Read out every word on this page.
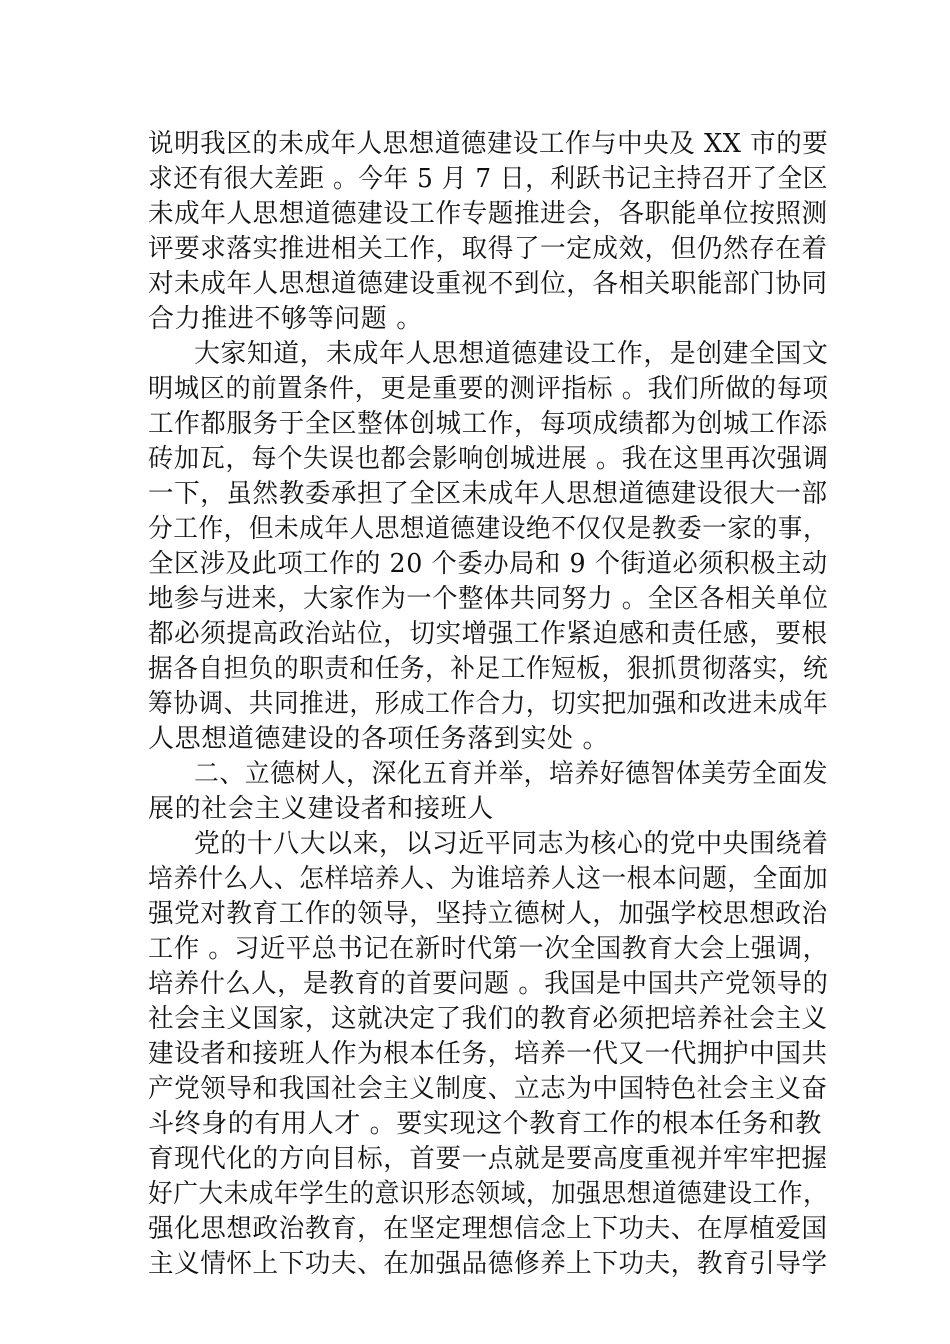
说明我区的未成年人思想道德建设工作与中央及 XX 市的要
求还有很大差距 。今年 5 月 7 日，利跃书记主持召开了全区
未成年人思想道德建设工作专题推进会，各职能单位按照测
评要求落实推进相关工作，取得了一定成效，但仍然存在着
对未成年人思想道德建设重视不到位，各相关职能部门协同
合力推进不够等问题 。
大家知道，未成年人思想道德建设工作，是创建全国文
明城区的前置条件，更是重要的测评指标 。我们所做的每项
工作都服务于全区整体创城工作，每项成绩都为创城工作添
砖加瓦，每个失误也都会影响创城进展 。我在这里再次强调
一下，虽然教委承担了全区未成年人思想道德建设很大一部
分工作，但未成年人思想道德建设绝不仅仅是教委一家的事，
全区涉及此项工作的 20 个委办局和 9 个街道必须积极主动
地参与进来，大家作为一个整体共同努力 。全区各相关单位
都必须提高政治站位，切实增强工作紧迫感和责任感，要根
据各自担负的职责和任务，补足工作短板，狠抓贯彻落实，统
筹协调、共同推进，形成工作合力，切实把加强和改进未成年
人思想道德建设的各项任务落到实处 。
二、立德树人，深化五育并举，培养好德智体美劳全面发
展的社会主义建设者和接班人
党的十八大以来，以习近平同志为核心的党中央围绕着
培养什么人、怎样培养人、为谁培养人这一根本问题，全面加
强党对教育工作的领导，坚持立德树人，加强学校思想政治
工作 。习近平总书记在新时代第一次全国教育大会上强调，
培养什么人，是教育的首要问题 。我国是中国共产党领导的
社会主义国家，这就决定了我们的教育必须把培养社会主义
建设者和接班人作为根本任务，培养一代又一代拥护中国共
产党领导和我国社会主义制度、立志为中国特色社会主义奋
斗终身的有用人才 。要实现这个教育工作的根本任务和教
育现代化的方向目标，首要一点就是要高度重视并牢牢把握
好广大未成年学生的意识形态领域，加强思想道德建设工作，
强化思想政治教育，在坚定理想信念上下功夫、在厚植爱国
主义情怀上下功夫、在加强品德修养上下功夫，教育引导学
